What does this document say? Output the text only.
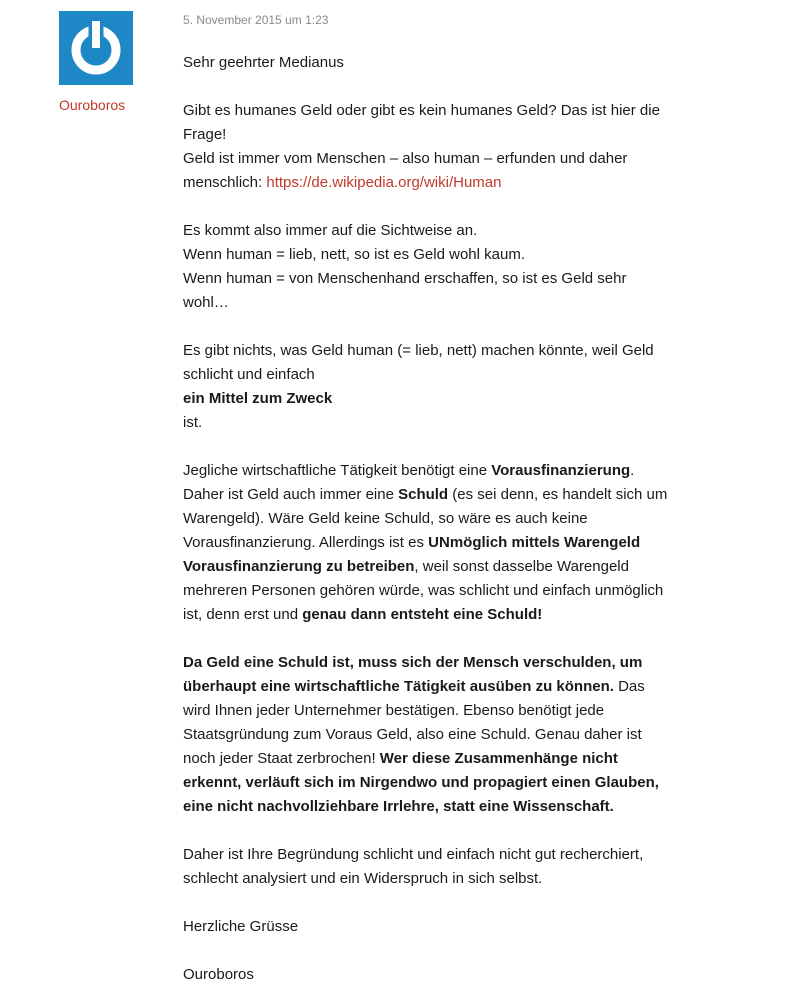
Ouroboros
5. November 2015 um 1:23

Sehr geehrter Medianus

Gibt es humanes Geld oder gibt es kein humanes Geld? Das ist hier die Frage!
Geld ist immer vom Menschen – also human – erfunden und daher menschlich: https://de.wikipedia.org/wiki/Human

Es kommt also immer auf die Sichtweise an.
Wenn human = lieb, nett, so ist es Geld wohl kaum.
Wenn human = von Menschenhand erschaffen, so ist es Geld sehr wohl…

Es gibt nichts, was Geld human (= lieb, nett) machen könnte, weil Geld schlicht und einfach
ein Mittel zum Zweck
ist.

Jegliche wirtschaftliche Tätigkeit benötigt eine Vorausfinanzierung. Daher ist Geld auch immer eine Schuld (es sei denn, es handelt sich um Warengeld). Wäre Geld keine Schuld, so wäre es auch keine Vorausfinanzierung. Allerdings ist es UNmöglich mittels Warengeld Vorausfinanzierung zu betreiben, weil sonst dasselbe Warengeld mehreren Personen gehören würde, was schlicht und einfach unmöglich ist, denn erst und genau dann entsteht eine Schuld!

Da Geld eine Schuld ist, muss sich der Mensch verschulden, um überhaupt eine wirtschaftliche Tätigkeit ausüben zu können. Das wird Ihnen jeder Unternehmer bestätigen. Ebenso benötigt jede Staatsgründung zum Voraus Geld, also eine Schuld. Genau daher ist noch jeder Staat zerbrochen! Wer diese Zusammenhänge nicht erkennt, verläuft sich im Nirgendwo und propagiert einen Glauben, eine nicht nachvollziehbare Irrlehre, statt eine Wissenschaft.

Daher ist Ihre Begründung schlicht und einfach nicht gut recherchiert, schlecht analysiert und ein Widerspruch in sich selbst.

Herzliche Grüsse

Ouroboros
